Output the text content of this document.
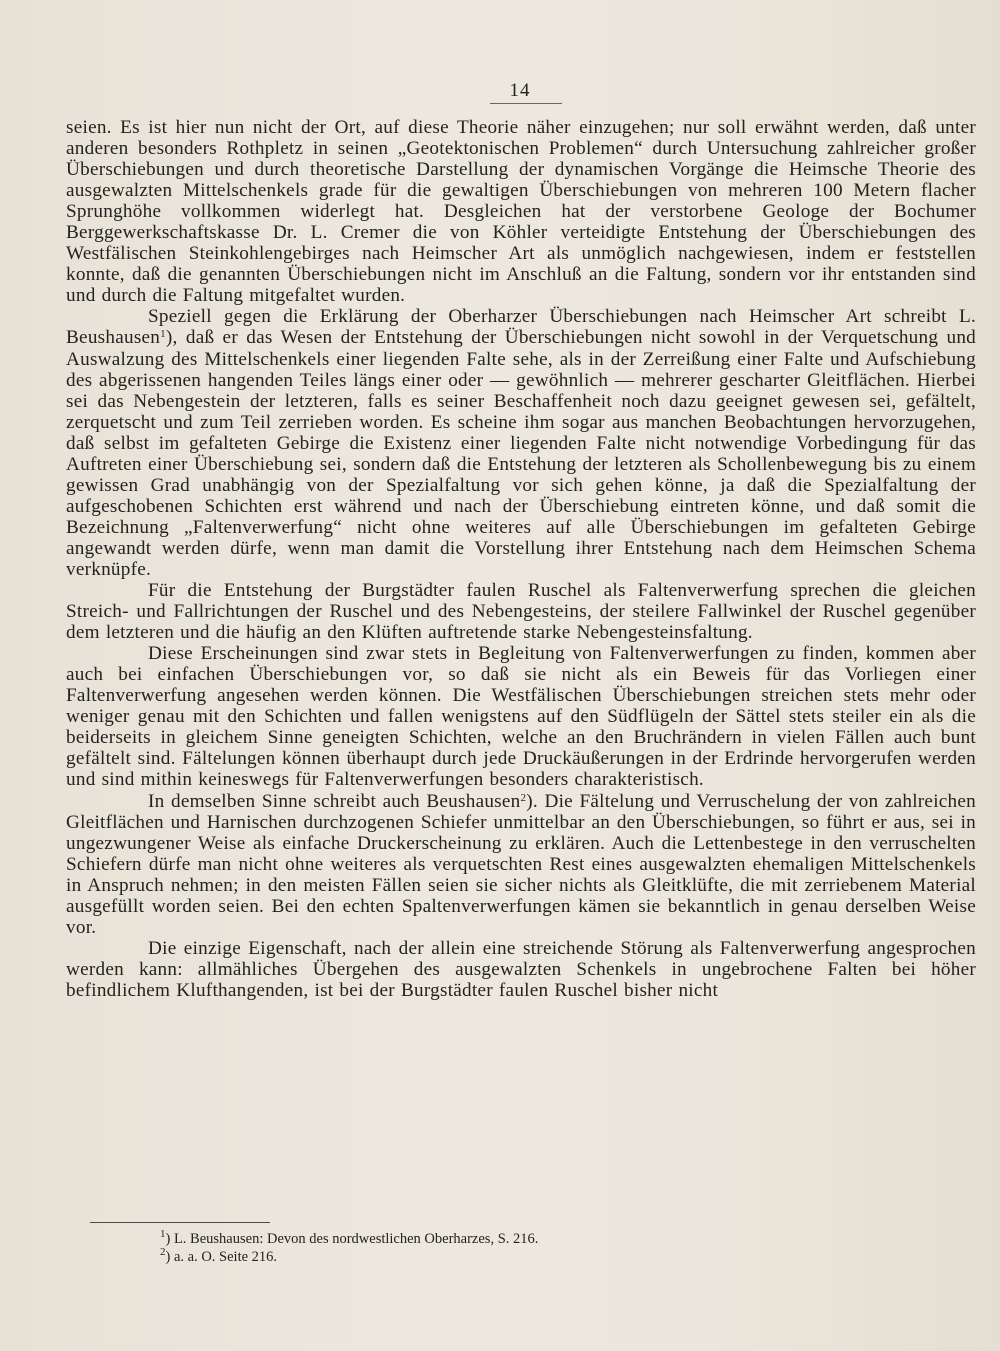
14

seien. Es ist hier nun nicht der Ort, auf diese Theorie näher einzugehen; nur soll erwähnt werden, daß unter anderen besonders Rothpletz in seinen „Geotektonischen Problemen“ durch Untersuchung zahlreicher großer Überschiebungen und durch theoretische Darstellung der dynamischen Vorgänge die Heimsche Theorie des ausgewalzten Mittelschenkels grade für die gewaltigen Überschiebungen von mehreren 100 Metern flacher Sprunghöhe vollkommen widerlegt hat. Desgleichen hat der verstorbene Geologe der Bochumer Berggewerkschaftskasse Dr. L. Cremer die von Köhler verteidigte Entstehung der Überschiebungen des Westfälischen Steinkohlengebirges nach Heimscher Art als unmöglich nachgewiesen, indem er feststellen konnte, daß die genannten Überschiebungen nicht im Anschluß an die Faltung, sondern vor ihr entstanden sind und durch die Faltung mitgefaltet wurden.

Speziell gegen die Erklärung der Oberharzer Überschiebungen nach Heimscher Art schreibt L. Beushausen$^1$), daß er das Wesen der Entstehung der Überschiebungen nicht sowohl in der Verquetschung und Auswalzung des Mittelschenkels einer liegenden Falte sehe, als in der Zerreißung einer Falte und Aufschiebung des abgerissenen hangenden Teiles längs einer oder — gewöhnlich — mehrerer gescharter Gleitflächen. Hierbei sei das Nebengestein der letzteren, falls es seiner Beschaffenheit noch dazu geeignet gewesen sei, gefältelt, zerquetscht und zum Teil zerrieben worden. Es scheine ihm sogar aus manchen Beobachtungen hervorzugehen, daß selbst im gefalteten Gebirge die Existenz einer liegenden Falte nicht notwendige Vorbedingung für das Auftreten einer Überschiebung sei, sondern daß die Entstehung der letzteren als Schollenbewegung bis zu einem gewissen Grad unabhängig von der Spezialfaltung vor sich gehen könne, ja daß die Spezialfaltung der aufgeschobenen Schichten erst während und nach der Überschiebung eintreten könne, und daß somit die Bezeichnung „Faltenverwerfung“ nicht ohne weiteres auf alle Überschiebungen im gefalteten Gebirge angewandt werden dürfe, wenn man damit die Vorstellung ihrer Entstehung nach dem Heimschen Schema verknüpfe.

Für die Entstehung der Burgstädter faulen Ruschel als Faltenverwerfung sprechen die gleichen Streich- und Fallrichtungen der Ruschel und des Nebengesteins, der steilere Fallwinkel der Ruschel gegenüber dem letzteren und die häufig an den Klüften auftretende starke Nebengesteinsfaltung.

Diese Erscheinungen sind zwar stets in Begleitung von Faltenverwerfungen zu finden, kommen aber auch bei einfachen Überschiebungen vor, so daß sie nicht als ein Beweis für das Vorliegen einer Faltenverwerfung angesehen werden können. Die Westfälischen Überschiebungen streichen stets mehr oder weniger genau mit den Schichten und fallen wenigstens auf den Südflügeln der Sättel stets steiler ein als die beiderseits in gleichem Sinne geneigten Schichten, welche an den Bruchrändern in vielen Fällen auch bunt gefältelt sind. Fältelungen können überhaupt durch jede Druckäußerungen in der Erdrinde hervorgerufen werden und sind mithin keineswegs für Faltenverwerfungen besonders charakteristisch.

In demselben Sinne schreibt auch Beushausen$^2$). Die Fältelung und Verruschelung der von zahlreichen Gleitflächen und Harnischen durchzogenen Schiefer unmittelbar an den Überschiebungen, so führt er aus, sei in ungezwungener Weise als einfache Druckerscheinung zu erklären. Auch die Lettenbestege in den verruschelten Schiefern dürfe man nicht ohne weiteres als verquetschten Rest eines ausgewalzten ehemaligen Mittelschenkels in Anspruch nehmen; in den meisten Fällen seien sie sicher nichts als Gleitklüfte, die mit zerriebenem Material ausgefüllt worden seien. Bei den echten Spaltenverwerfungen kämen sie bekanntlich in genau derselben Weise vor.

Die einzige Eigenschaft, nach der allein eine streichende Störung als Faltenverwerfung angesprochen werden kann: allmähliches Übergehen des ausgewalzten Schenkels in ungebrochene Falten bei höher befindlichem Klufthangenden, ist bei der Burgstädter faulen Ruschel bisher nicht

$^1$) L. Beushausen: Devon des nordwestlichen Oberharzes, S. 216.
$^2$) a. a. O. Seite 216.
